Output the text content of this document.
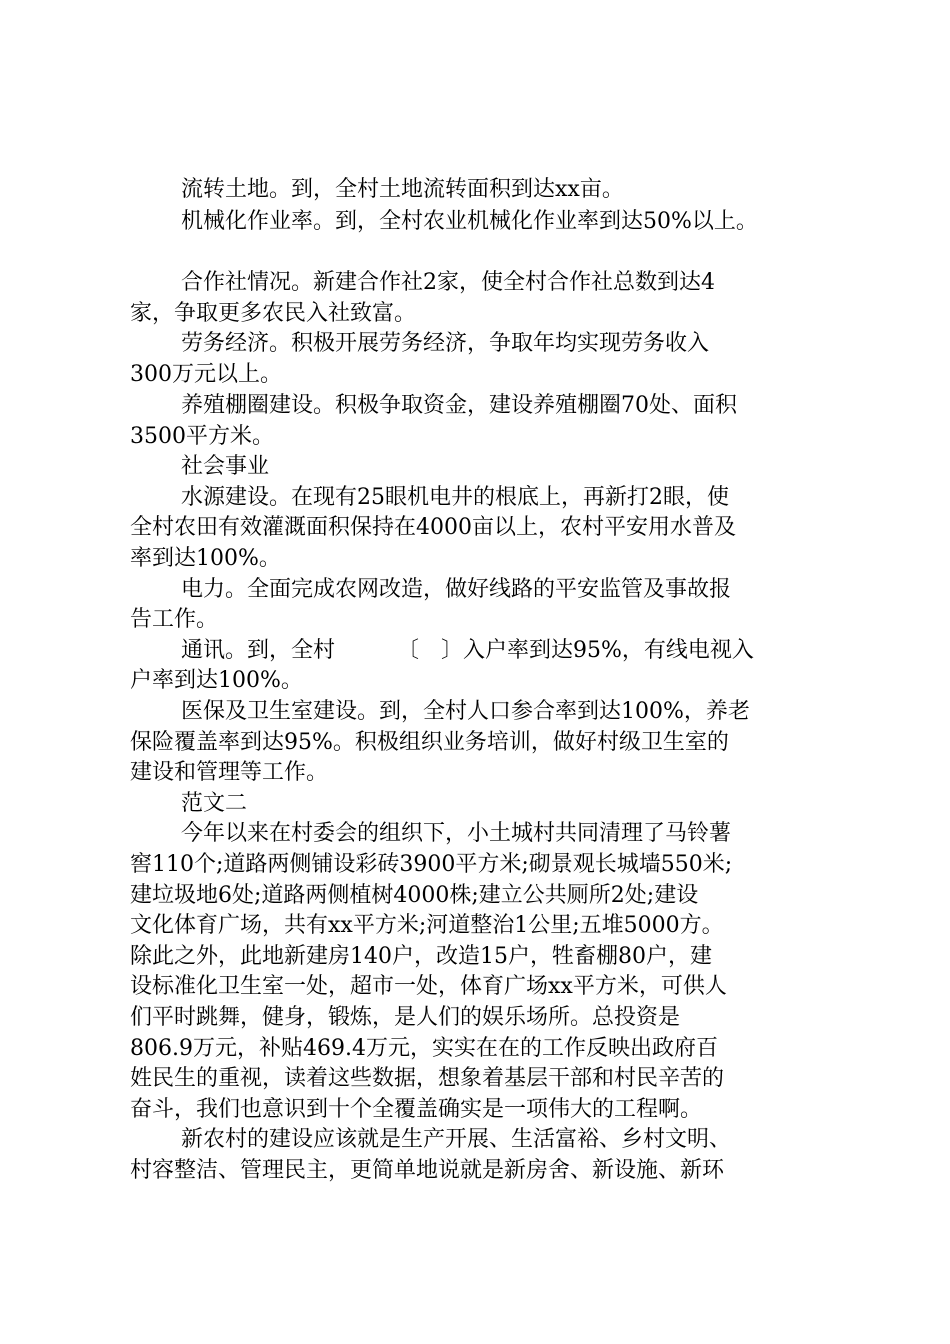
流转土地。到，全村土地流转面积到达xx亩。
机械化作业率。到，全村农业机械化作业率到达50%以上。
合作社情况。新建合作社2家，使全村合作社总数到达4
家，争取更多农民入社致富。
劳务经济。积极开展劳务经济，争取年均实现劳务收入
300万元以上。
养殖棚圈建设。积极争取资金，建设养殖棚圈70处、面积
3500平方米。
社会事业
水源建设。在现有25眼机电井的根底上，再新打2眼，使
全村农田有效灌溉面积保持在4000亩以上，农村平安用水普及
率到达100%。
电力。全面完成农网改造，做好线路的平安监管及事故报
告工作。
通讯。到，全村	〔　〕入户率到达95%，有线电视入
户率到达100%。
医保及卫生室建设。到，全村人口参合率到达100%，养老
保险覆盖率到达95%。积极组织业务培训，做好村级卫生室的
建设和管理等工作。
范文二
今年以来在村委会的组织下，小土城村共同清理了马铃薯
窖110个;道路两侧铺设彩砖3900平方米;砌景观长城墙550米;
建垃圾地6处;道路两侧植树4000株;建立公共厕所2处;建设
文化体育广场，共有xx平方米;河道整治1公里;五堆5000方。
除此之外，此地新建房140户，改造15户，牲畜棚80户，建
设标准化卫生室一处，超市一处，体育广场xx平方米，可供人
们平时跳舞，健身，锻炼，是人们的娱乐场所。总投资是
806.9万元，补贴469.4万元，实实在在的工作反映出政府百
姓民生的重视，读着这些数据，想象着基层干部和村民辛苦的
奋斗，我们也意识到十个全覆盖确实是一项伟大的工程啊。
新农村的建设应该就是生产开展、生活富裕、乡村文明、
村容整洁、管理民主，更简单地说就是新房舍、新设施、新环
